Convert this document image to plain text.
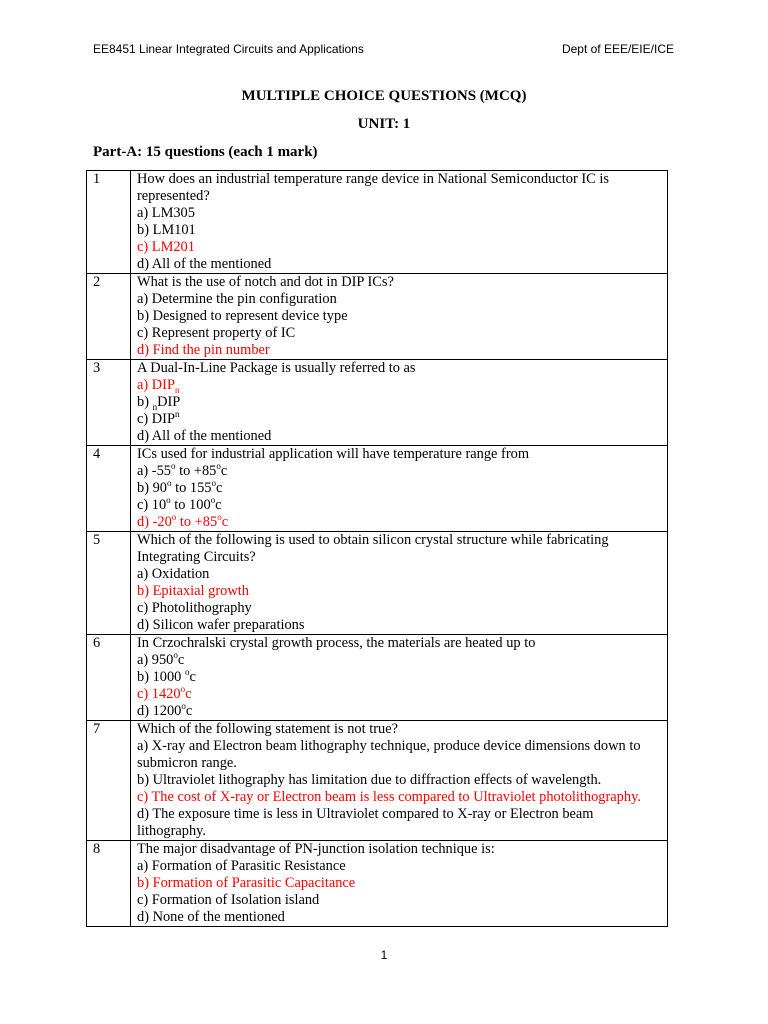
EE8451 Linear Integrated Circuits and Applications	Dept of EEE/EIE/ICE
MULTIPLE CHOICE QUESTIONS (MCQ)
UNIT: 1
Part-A: 15 questions (each 1 mark)
1	How does an industrial temperature range device in National Semiconductor IC is represented?
a) LM305
b) LM101
c) LM201
d) All of the mentioned

2	What is the use of notch and dot in DIP ICs?
a) Determine the pin configuration
b) Designed to represent device type
c) Represent property of IC
d) Find the pin number

3	A Dual-In-Line Package is usually referred to as
a) $DIP_n$
b) $_n$DIP
c) DIP$^n$
d) All of the mentioned

4	ICs used for industrial application will have temperature range from
a) -55$^o$ to $+85^oc$
b) 90$^o$ to 155$^o$c
c) 10$^o$ to 100$^o$c
d) -20$^o$ to $+85^oc$

5	Which of the following is used to obtain silicon crystal structure while fabricating Integrating Circuits?
a) Oxidation
b) Epitaxial growth
c) Photolithography
d) Silicon wafer preparations

6	In Crzochralski crystal growth process, the materials are heated up to
a) 950$^o$c
b) 1000 $^o$c
c) 1420$^o$c
d) 1200$^o$c

7	Which of the following statement is not true?
a) X-ray and Electron beam lithography technique, produce device dimensions down to submicron range.
b) Ultraviolet lithography has limitation due to diffraction effects of wavelength.
c) The cost of X-ray or Electron beam is less compared to Ultraviolet photolithography.
d) The exposure time is less in Ultraviolet compared to X-ray or Electron beam lithography.

8	The major disadvantage of PN-junction isolation technique is:
a) Formation of Parasitic Resistance
b) Formation of Parasitic Capacitance
c) Formation of Isolation island
d) None of the mentioned
1
